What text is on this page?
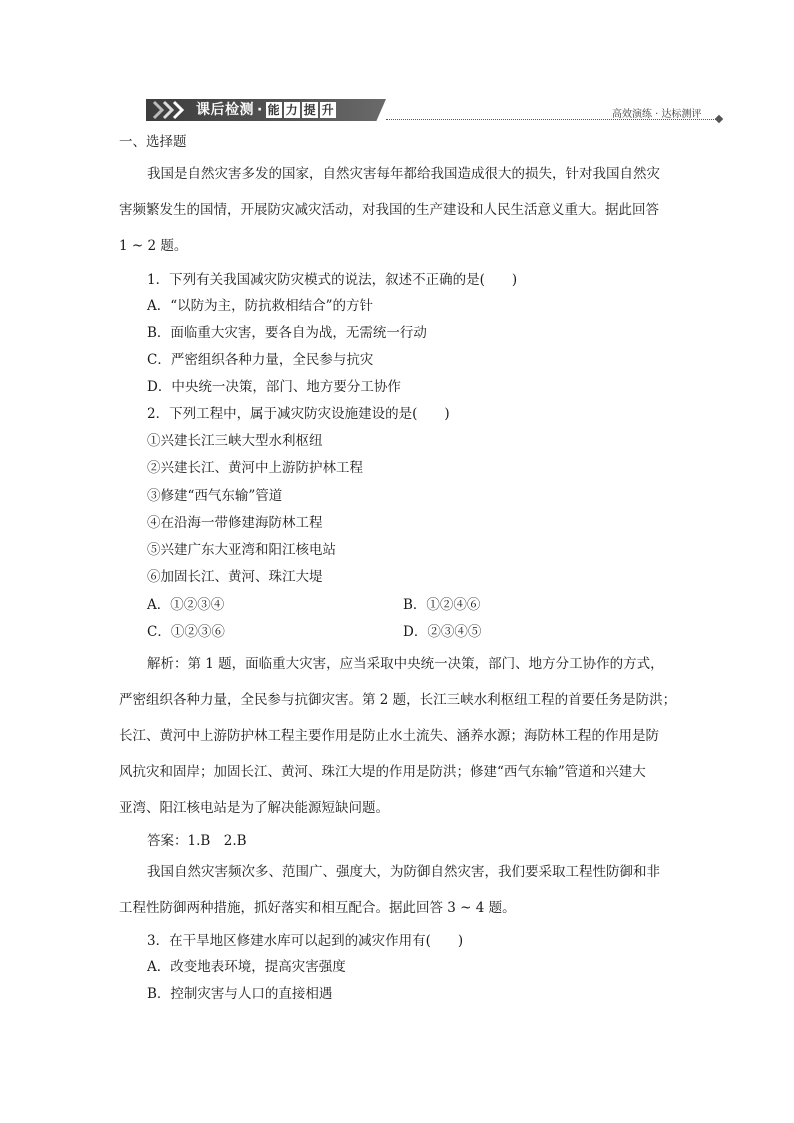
课后检测 · 能 力 提 升	高效演练 · 达标测评
一、选择题
我国是自然灾害多发的国家，自然灾害每年都给我国造成很大的损失，针对我国自然灾
害频繁发生的国情，开展防灾减灾活动，对我国的生产建设和人民生活意义重大。据此回答
1 ~ 2 题。
1．下列有关我国减灾防灾模式的说法，叙述不正确的是(　　)
A．“以防为主，防抗救相结合”的方针
B．面临重大灾害，要各自为战，无需统一行动
C．严密组织各种力量，全民参与抗灾
D．中央统一决策，部门、地方要分工协作
2．下列工程中，属于减灾防灾设施建设的是(　　)
①兴建长江三峡大型水利枢纽
②兴建长江、黄河中上游防护林工程
③修建“西气东输”管道
④在沿海一带修建海防林工程
⑤兴建广东大亚湾和阳江核电站
⑥加固长江、黄河、珠江大堤
A．①②③④	B．①②④⑥
C．①②③⑥	D．②③④⑤
解析：第 1 题，面临重大灾害，应当采取中央统一决策，部门、地方分工协作的方式，
严密组织各种力量，全民参与抗御灾害。第 2 题，长江三峡水利枢纽工程的首要任务是防洪；
长江、黄河中上游防护林工程主要作用是防止水土流失、涵养水源；海防林工程的作用是防
风抗灾和固岸；加固长江、黄河、珠江大堤的作用是防洪；修建“西气东输”管道和兴建大
亚湾、阳江核电站是为了解决能源短缺问题。
答案：1.B　2.B
我国自然灾害频次多、范围广、强度大，为防御自然灾害，我们要采取工程性防御和非
工程性防御两种措施，抓好落实和相互配合。据此回答 3 ~ 4 题。
3．在干旱地区修建水库可以起到的减灾作用有(　　)
A．改变地表环境，提高灾害强度
B．控制灾害与人口的直接相遇
